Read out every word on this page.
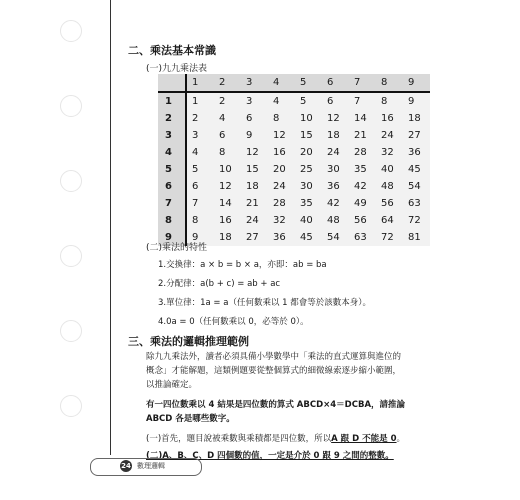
二、乘法基本常識
(一)九九乘法表
	1	2	3	4	5	6	7	8	9
1	1	2	3	4	5	6	7	8	9
2	2	4	6	8	10	12	14	16	18
3	3	6	9	12	15	18	21	24	27
4	4	8	12	16	20	24	28	32	36
5	5	10	15	20	25	30	35	40	45
6	6	12	18	24	30	36	42	48	54
7	7	14	21	28	35	42	49	56	63
8	8	16	24	32	40	48	56	64	72
9	9	18	27	36	45	54	63	72	81
(二)乘法的特性
1.交換律：a × b = b × a，亦即：ab = ba
2.分配律：a(b + c) = ab + ac
3.單位律：1a = a（任何數乘以 1 都會等於該數本身）。
4.0a = 0（任何數乘以 0，必等於 0）。
三、乘法的邏輯推理範例
除九九乘法外，讀者必須具備小學數學中「乘法的直式運算與進位的
概念」才能解題，這類例題要從整個算式的細微線索逐步縮小範圍，
以推論確定。
有一四位數乘以 4 結果是四位數的算式 ABCD×4＝DCBA，請推論
ABCD 各是哪些數字。
(一)首先，題目說被乘數與乘積都是四位數，所以A 跟 D 不能是 0。
(二)A、B、C、D 四個數的值，一定是介於 0 跟 9 之間的整數。
24 數理邏輯
